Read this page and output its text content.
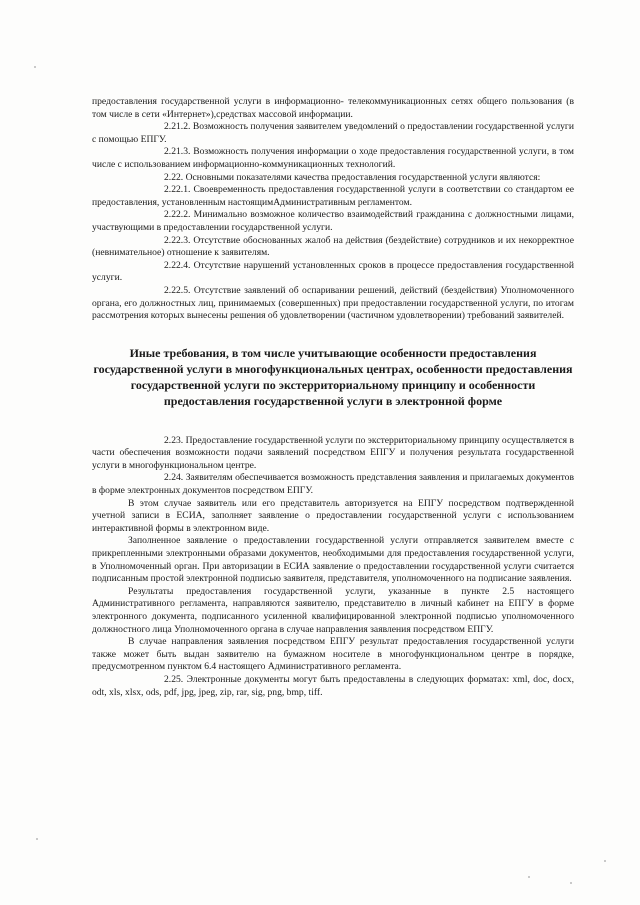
предоставления государственной услуги в информационно- телекоммуникационных сетях общего пользования (в том числе в сети «Интернет»),средствах массовой информации.

2.21.2. Возможность получения заявителем уведомлений о предоставлении государственной услуги с помощью ЕПГУ.

2.21.3. Возможность получения информации о ходе предоставления государственной услуги, в том числе с использованием информационно-коммуникационных технологий.

2.22. Основными показателями качества предоставления государственной услуги являются:

2.22.1. Своевременность предоставления государственной услуги в соответствии со стандартом ее предоставления, установленным настоящимАдминистративным регламентом.

2.22.2. Минимально возможное количество взаимодействий гражданина с должностными лицами, участвующими в предоставлении государственной услуги.

2.22.3. Отсутствие обоснованных жалоб на действия (бездействие) сотрудников и их некорректное (невнимательное) отношение к заявителям.

2.22.4. Отсутствие нарушений установленных сроков в процессе предоставления государственной услуги.

2.22.5. Отсутствие заявлений об оспаривании решений, действий (бездействия) Уполномоченного органа, его должностных лиц, принимаемых (совершенных) при предоставлении государственной услуги, по итогам рассмотрения которых вынесены решения об удовлетворении (частичном удовлетворении) требований заявителей.

Иные требования, в том числе учитывающие особенности предоставления государственной услуги в многофункциональных центрах, особенности предоставления государственной услуги по экстерриториальному принципу и особенности предоставления государственной услуги в электронной форме

2.23. Предоставление государственной услуги по экстерриториальному принципу осуществляется в части обеспечения возможности подачи заявлений посредством ЕПГУ и получения результата государственной услуги в многофункциональном центре.

2.24. Заявителям обеспечивается возможность представления заявления и прилагаемых документов в форме электронных документов посредством ЕПГУ.

В этом случае заявитель или его представитель авторизуется на ЕПГУ посредством подтвержденной учетной записи в ЕСИА, заполняет заявление о предоставлении государственной услуги с использованием интерактивной формы в электронном виде.

Заполненное заявление о предоставлении государственной услуги отправляется заявителем вместе с прикрепленными электронными образами документов, необходимыми для предоставления государственной услуги, в Уполномоченный орган. При авторизации в ЕСИА заявление о предоставлении государственной услуги считается подписанным простой электронной подписью заявителя, представителя, уполномоченного на подписание заявления.

Результаты предоставления государственной услуги, указанные в пункте 2.5 настоящего Административного регламента, направляются заявителю, представителю в личный кабинет на ЕПГУ в форме электронного документа, подписанного усиленной квалифицированной электронной подписью уполномоченного должностного лица Уполномоченного органа в случае направления заявления посредством ЕПГУ.

В случае направления заявления посредством ЕПГУ результат предоставления государственной услуги также может быть выдан заявителю на бумажном носителе в многофункциональном центре в порядке, предусмотренном пунктом 6.4 настоящего Административного регламента.

2.25. Электронные документы могут быть предоставлены в следующих форматах: xml, doc, docx, odt, xls, xlsx, ods, pdf, jpg, jpeg, zip, rar, sig, png, bmp, tiff.
